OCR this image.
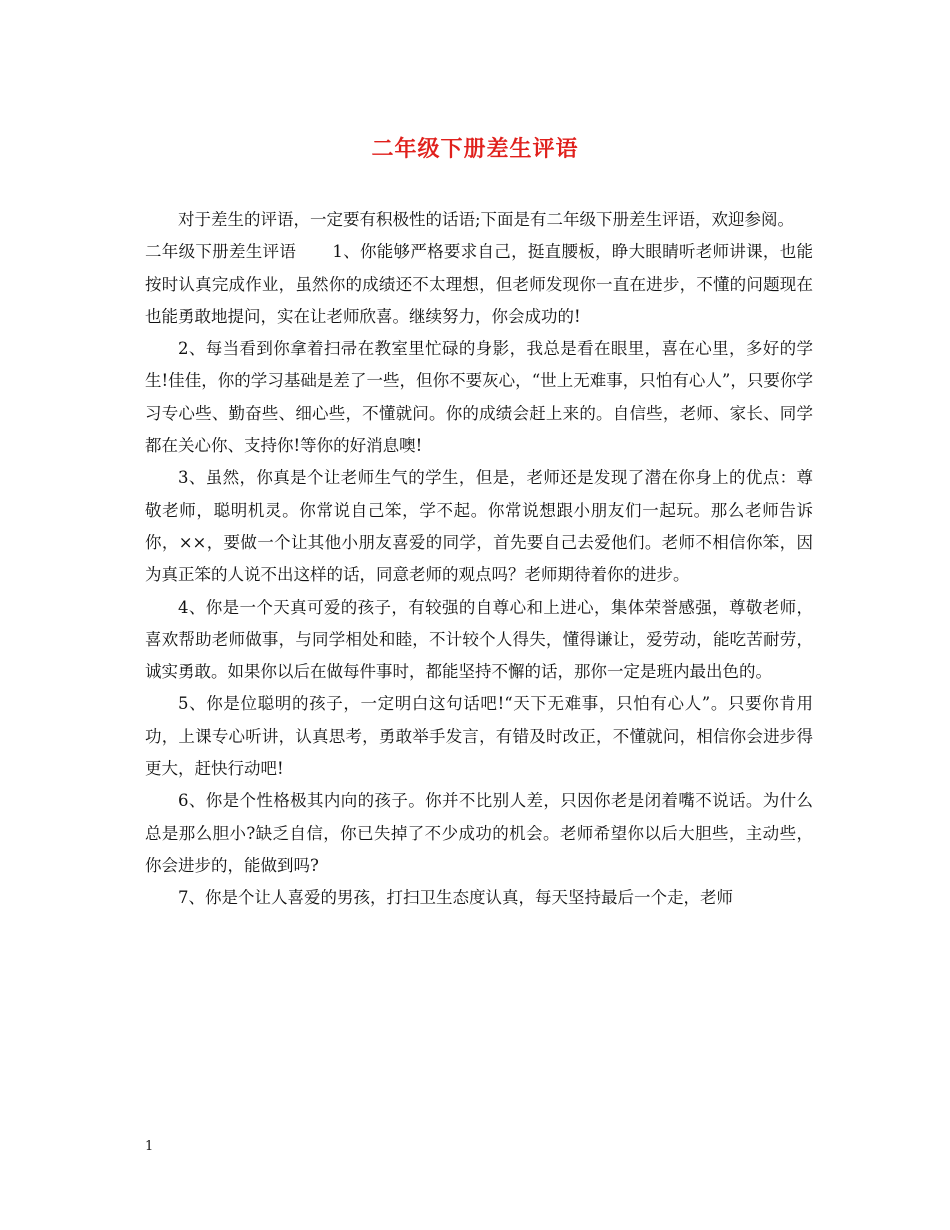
二年级下册差生评语

对于差生的评语，一定要有积极性的话语;下面是有二年级下册差生评语，欢迎参阅。

二年级下册差生评语 1、你能够严格要求自己，挺直腰板，睁大眼睛听老师讲课，也能按时认真完成作业，虽然你的成绩还不太理想，但老师发现你一直在进步，不懂的问题现在也能勇敢地提问，实在让老师欣喜。继续努力，你会成功的!

2、每当看到你拿着扫帚在教室里忙碌的身影，我总是看在眼里，喜在心里，多好的学生!佳佳，你的学习基础是差了一些，但你不要灰心，“世上无难事，只怕有心人”，只要你学习专心些、勤奋些、细心些，不懂就问。你的成绩会赶上来的。自信些，老师、家长、同学都在关心你、支持你!等你的好消息噢!

3、虽然，你真是个让老师生气的学生，但是，老师还是发现了潜在你身上的优点：尊敬老师，聪明机灵。你常说自己笨，学不起。你常说想跟小朋友们一起玩。那么老师告诉你，××，要做一个让其他小朋友喜爱的同学，首先要自己去爱他们。老师不相信你笨，因为真正笨的人说不出这样的话，同意老师的观点吗？老师期待着你的进步。

4、你是一个天真可爱的孩子，有较强的自尊心和上进心，集体荣誉感强，尊敬老师，喜欢帮助老师做事，与同学相处和睦，不计较个人得失，懂得谦让，爱劳动，能吃苦耐劳，诚实勇敢。如果你以后在做每件事时，都能坚持不懈的话，那你一定是班内最出色的。

5、你是位聪明的孩子，一定明白这句话吧!“天下无难事，只怕有心人”。只要你肯用功，上课专心听讲，认真思考，勇敢举手发言，有错及时改正，不懂就问，相信你会进步得更大，赶快行动吧!

6、你是个性格极其内向的孩子。你并不比别人差，只因你老是闭着嘴不说话。为什么总是那么胆小?缺乏自信，你已失掉了不少成功的机会。老师希望你以后大胆些，主动些，你会进步的，能做到吗?

7、你是个让人喜爱的男孩，打扫卫生态度认真，每天坚持最后一个走，老师

1
